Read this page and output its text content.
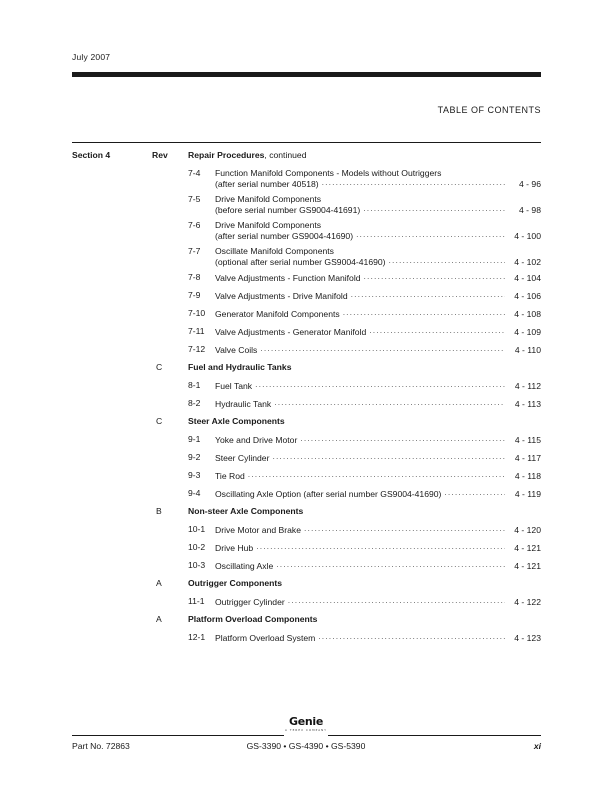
July 2007
TABLE OF CONTENTS
Section 4	Rev Repair Procedures, continued
7-4 Function Manifold Components - Models without Outriggers
(after serial number 40518) .....	4 - 96
7-5 Drive Manifold Components
(before serial number GS9004-41691) .....	4 - 98
7-6 Drive Manifold Components
(after serial number GS9004-41690) .....	4 - 100
7-7 Oscillate Manifold Components
(optional after serial number GS9004-41690) .....	4 - 102
7-8 Valve Adjustments - Function Manifold .....	4 - 104
7-9 Valve Adjustments - Drive Manifold .....	4 - 106
7-10 Generator Manifold Components .....	4 - 108
7-11 Valve Adjustments - Generator Manifold .....	4 - 109
7-12 Valve Coils .....	4 - 110
C	Fuel and Hydraulic Tanks
8-1 Fuel Tank .....	4 - 112
8-2 Hydraulic Tank .....	4 - 113
C	Steer Axle Components
9-1 Yoke and Drive Motor .....	4 - 115
9-2 Steer Cylinder .....	4 - 117
9-3 Tie Rod .....	4 - 118
9-4 Oscillating Axle Option (after serial number GS9004-41690) .....	4 - 119
B	Non-steer Axle Components
10-1 Drive Motor and Brake .....	4 - 120
10-2 Drive Hub .....	4 - 121
10-3 Oscillating Axle .....	4 - 121
A	Outrigger Components
11-1 Outrigger Cylinder .....	4 - 122
A	Platform Overload Components
12-1 Platform Overload System .....	4 - 123
Genie
A TEREX COMPANY
Part No. 72863	GS-3390 • GS-4390 • GS-5390	xi
